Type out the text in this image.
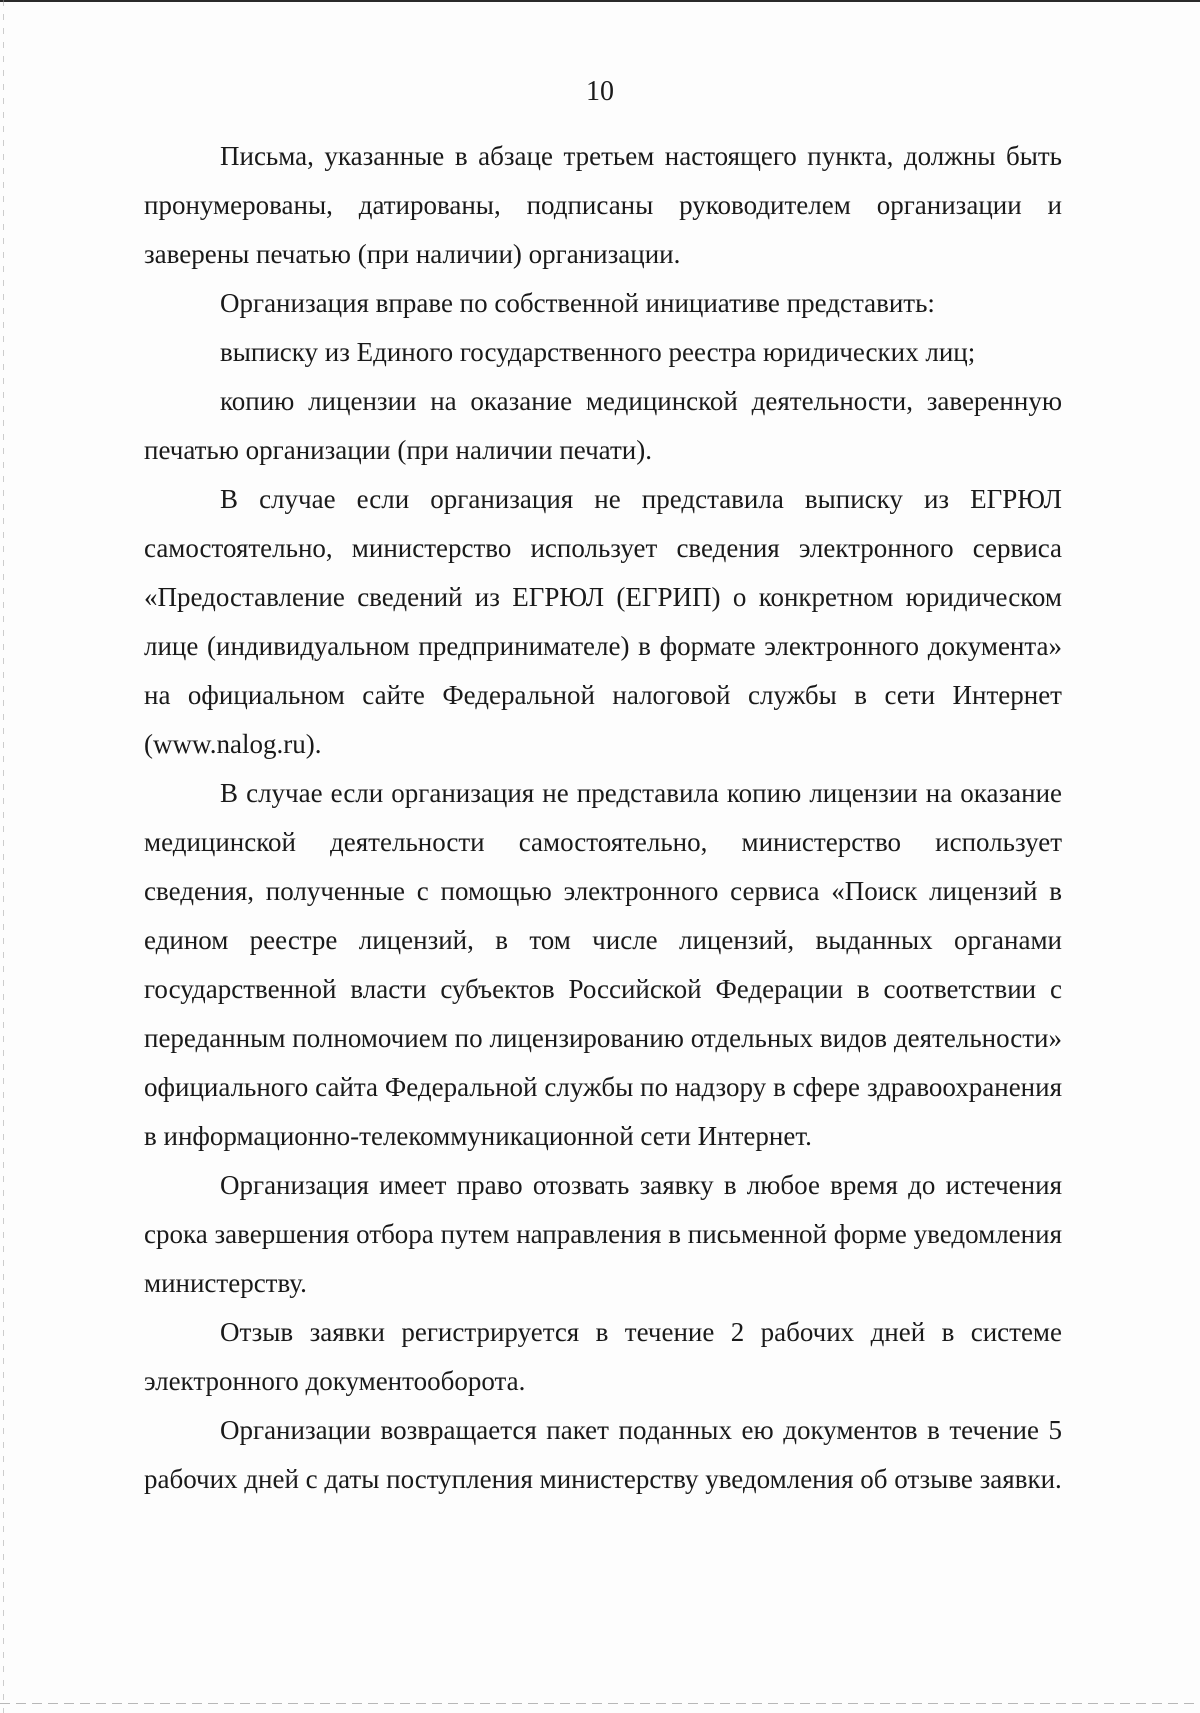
10

Письма, указанные в абзаце третьем настоящего пункта, должны быть пронумерованы, датированы, подписаны руководителем организации и заверены печатью (при наличии) организации.

Организация вправе по собственной инициативе представить:

выписку из Единого государственного реестра юридических лиц;

копию лицензии на оказание медицинской деятельности, заверенную печатью организации (при наличии печати).

В случае если организация не представила выписку из ЕГРЮЛ самостоятельно, министерство использует сведения электронного сервиса «Предоставление сведений из ЕГРЮЛ (ЕГРИП) о конкретном юридическом лице (индивидуальном предпринимателе) в формате электронного документа» на официальном сайте Федеральной налоговой службы в сети Интернет (www.nalog.ru).

В случае если организация не представила копию лицензии на оказание медицинской деятельности самостоятельно, министерство использует сведения, полученные с помощью электронного сервиса «Поиск лицензий в едином реестре лицензий, в том числе лицензий, выданных органами государственной власти субъектов Российской Федерации в соответствии с переданным полномочием по лицензированию отдельных видов деятельности» официального сайта Федеральной службы по надзору в сфере здравоохранения в информационно-телекоммуникационной сети Интернет.

Организация имеет право отозвать заявку в любое время до истечения срока завершения отбора путем направления в письменной форме уведомления министерству.

Отзыв заявки регистрируется в течение 2 рабочих дней в системе электронного документооборота.

Организации возвращается пакет поданных ею документов в течение 5 рабочих дней с даты поступления министерству уведомления об отзыве заявки.
